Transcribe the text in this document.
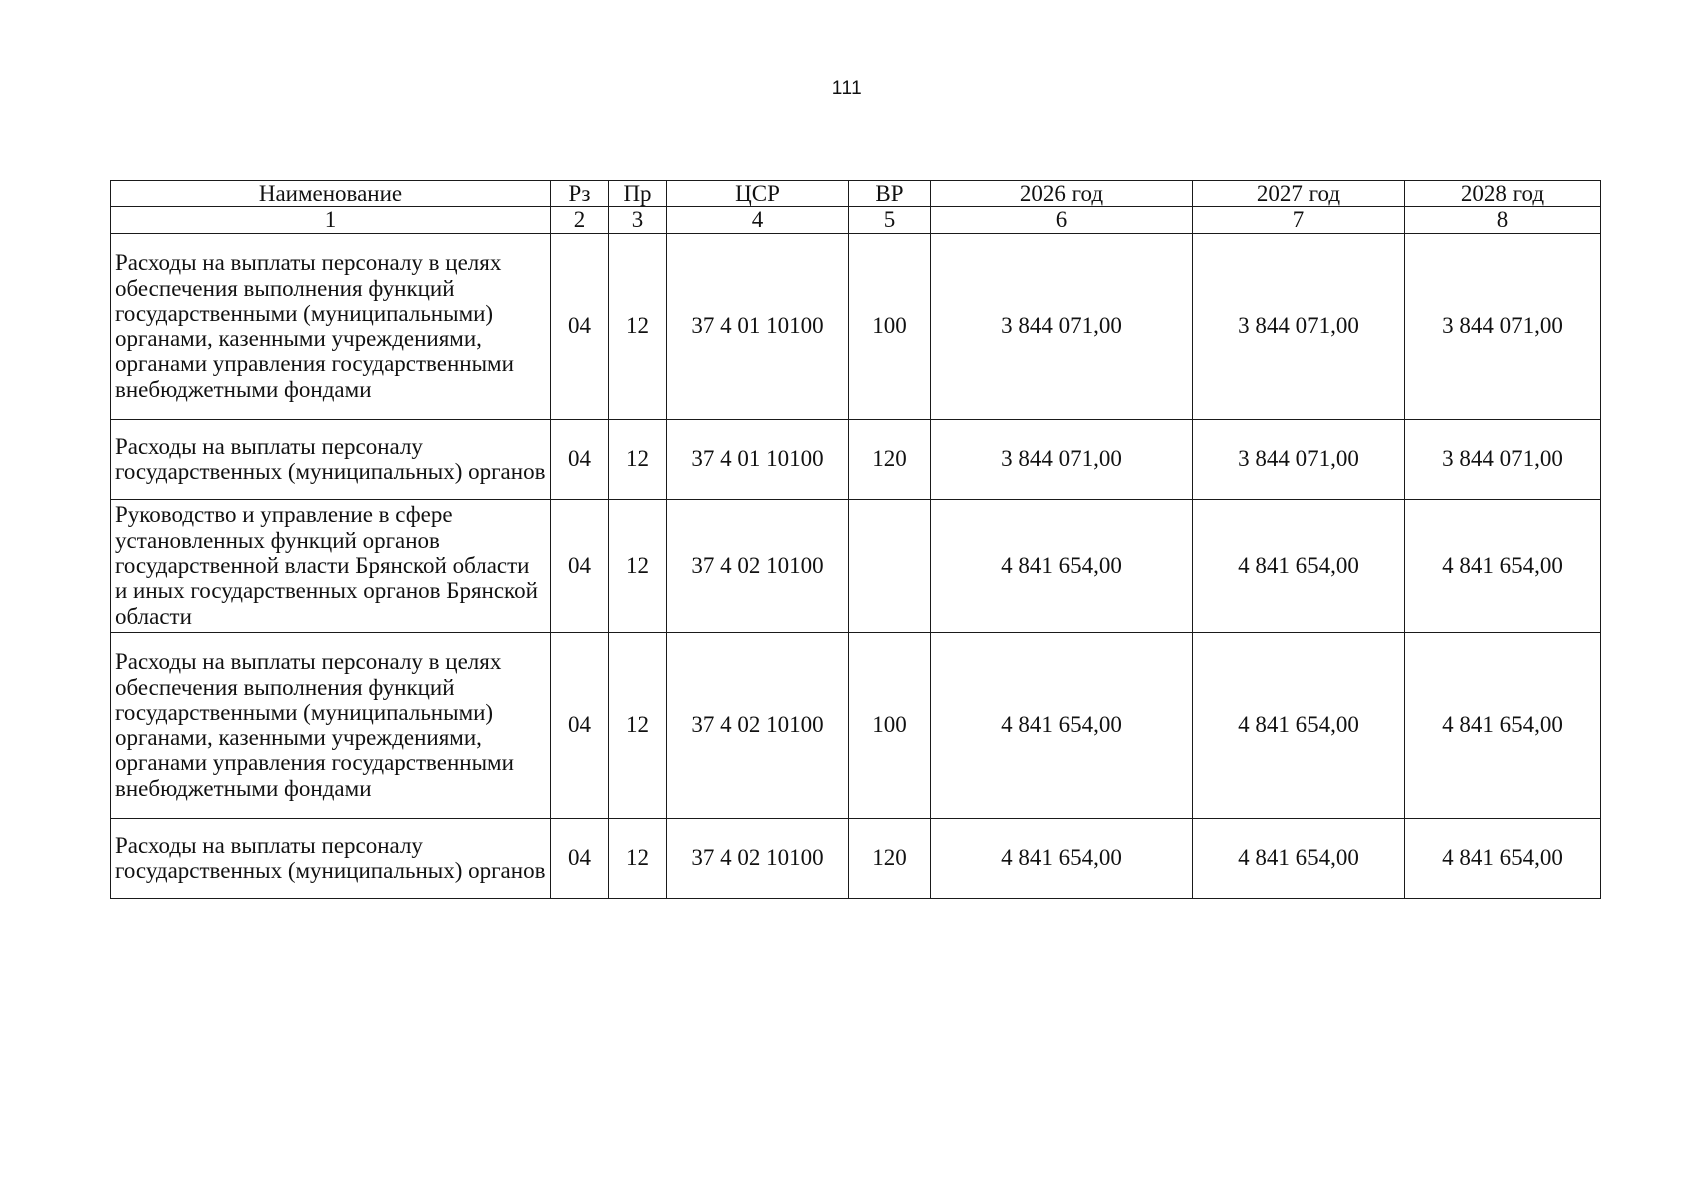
111
Наименование	Рз	Пр	ЦСР	ВР	2026 год	2027 год	2028 год
1	2	3	4	5	6	7	8
Расходы на выплаты персоналу в целях обеспечения выполнения функций государственными (муниципальными) органами, казенными учреждениями, органами управления государственными внебюджетными фондами	04	12	37 4 01 10100	100	3 844 071,00	3 844 071,00	3 844 071,00
Расходы на выплаты персоналу государственных (муниципальных) органов	04	12	37 4 01 10100	120	3 844 071,00	3 844 071,00	3 844 071,00
Руководство и управление в сфере установленных функций органов государственной власти Брянской области и иных государственных органов Брянской области	04	12	37 4 02 10100		4 841 654,00	4 841 654,00	4 841 654,00
Расходы на выплаты персоналу в целях обеспечения выполнения функций государственными (муниципальными) органами, казенными учреждениями, органами управления государственными внебюджетными фондами	04	12	37 4 02 10100	100	4 841 654,00	4 841 654,00	4 841 654,00
Расходы на выплаты персоналу государственных (муниципальных) органов	04	12	37 4 02 10100	120	4 841 654,00	4 841 654,00	4 841 654,00
